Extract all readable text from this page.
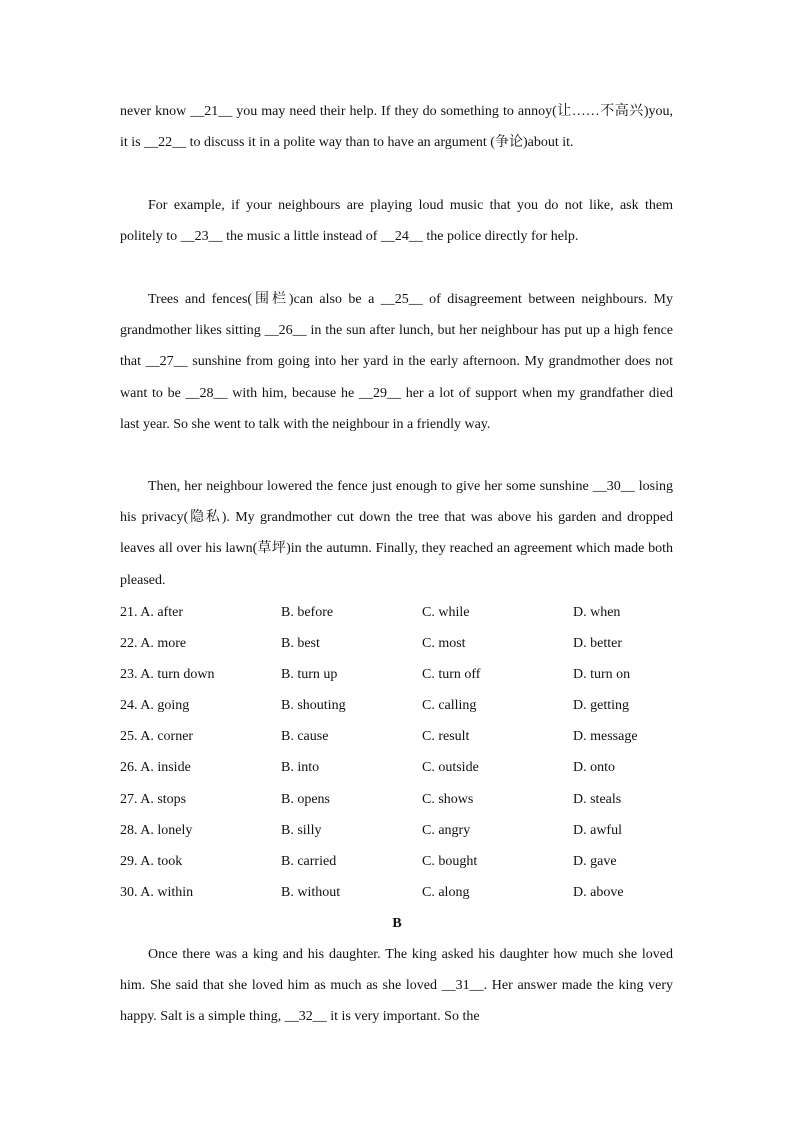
never know __21__ you may need their help. If they do something to annoy(让……不高兴)you, it is __22__ to discuss it in a polite way than to have an argument (争论)about it.

For example, if your neighbours are playing loud music that you do not like, ask them politely to __23__ the music a little instead of __24__ the police directly for help.

Trees and fences(围栏)can also be a __25__ of disagreement between neighbours. My grandmother likes sitting __26__ in the sun after lunch, but her neighbour has put up a high fence that __27__ sunshine from going into her yard in the early afternoon. My grandmother does not want to be __28__ with him, because he __29__ her a lot of support when my grandfather died last year. So she went to talk with the neighbour in a friendly way.

Then, her neighbour lowered the fence just enough to give her some sunshine __30__ losing his privacy(隐私). My grandmother cut down the tree that was above his garden and dropped leaves all over his lawn(草坪)in the autumn. Finally, they reached an agreement which made both pleased.

21. A. after	B. before	C. while	D. when
22. A. more	B. best	C. most	D. better
23. A. turn down	B. turn up	C. turn off	D. turn on
24. A. going	B. shouting	C. calling	D. getting
25. A. corner	B. cause	C. result	D. message
26. A. inside	B. into	C. outside	D. onto
27. A. stops	B. opens	C. shows	D. steals
28. A. lonely	B. silly	C. angry	D. awful
29. A. took	B. carried	C. bought	D. gave
30. A. within	B. without	C. along	D. above
B

Once there was a king and his daughter. The king asked his daughter how much she loved him. She said that she loved him as much as she loved __31__. Her answer made the king very happy. Salt is a simple thing, __32__ it is very important. So the
